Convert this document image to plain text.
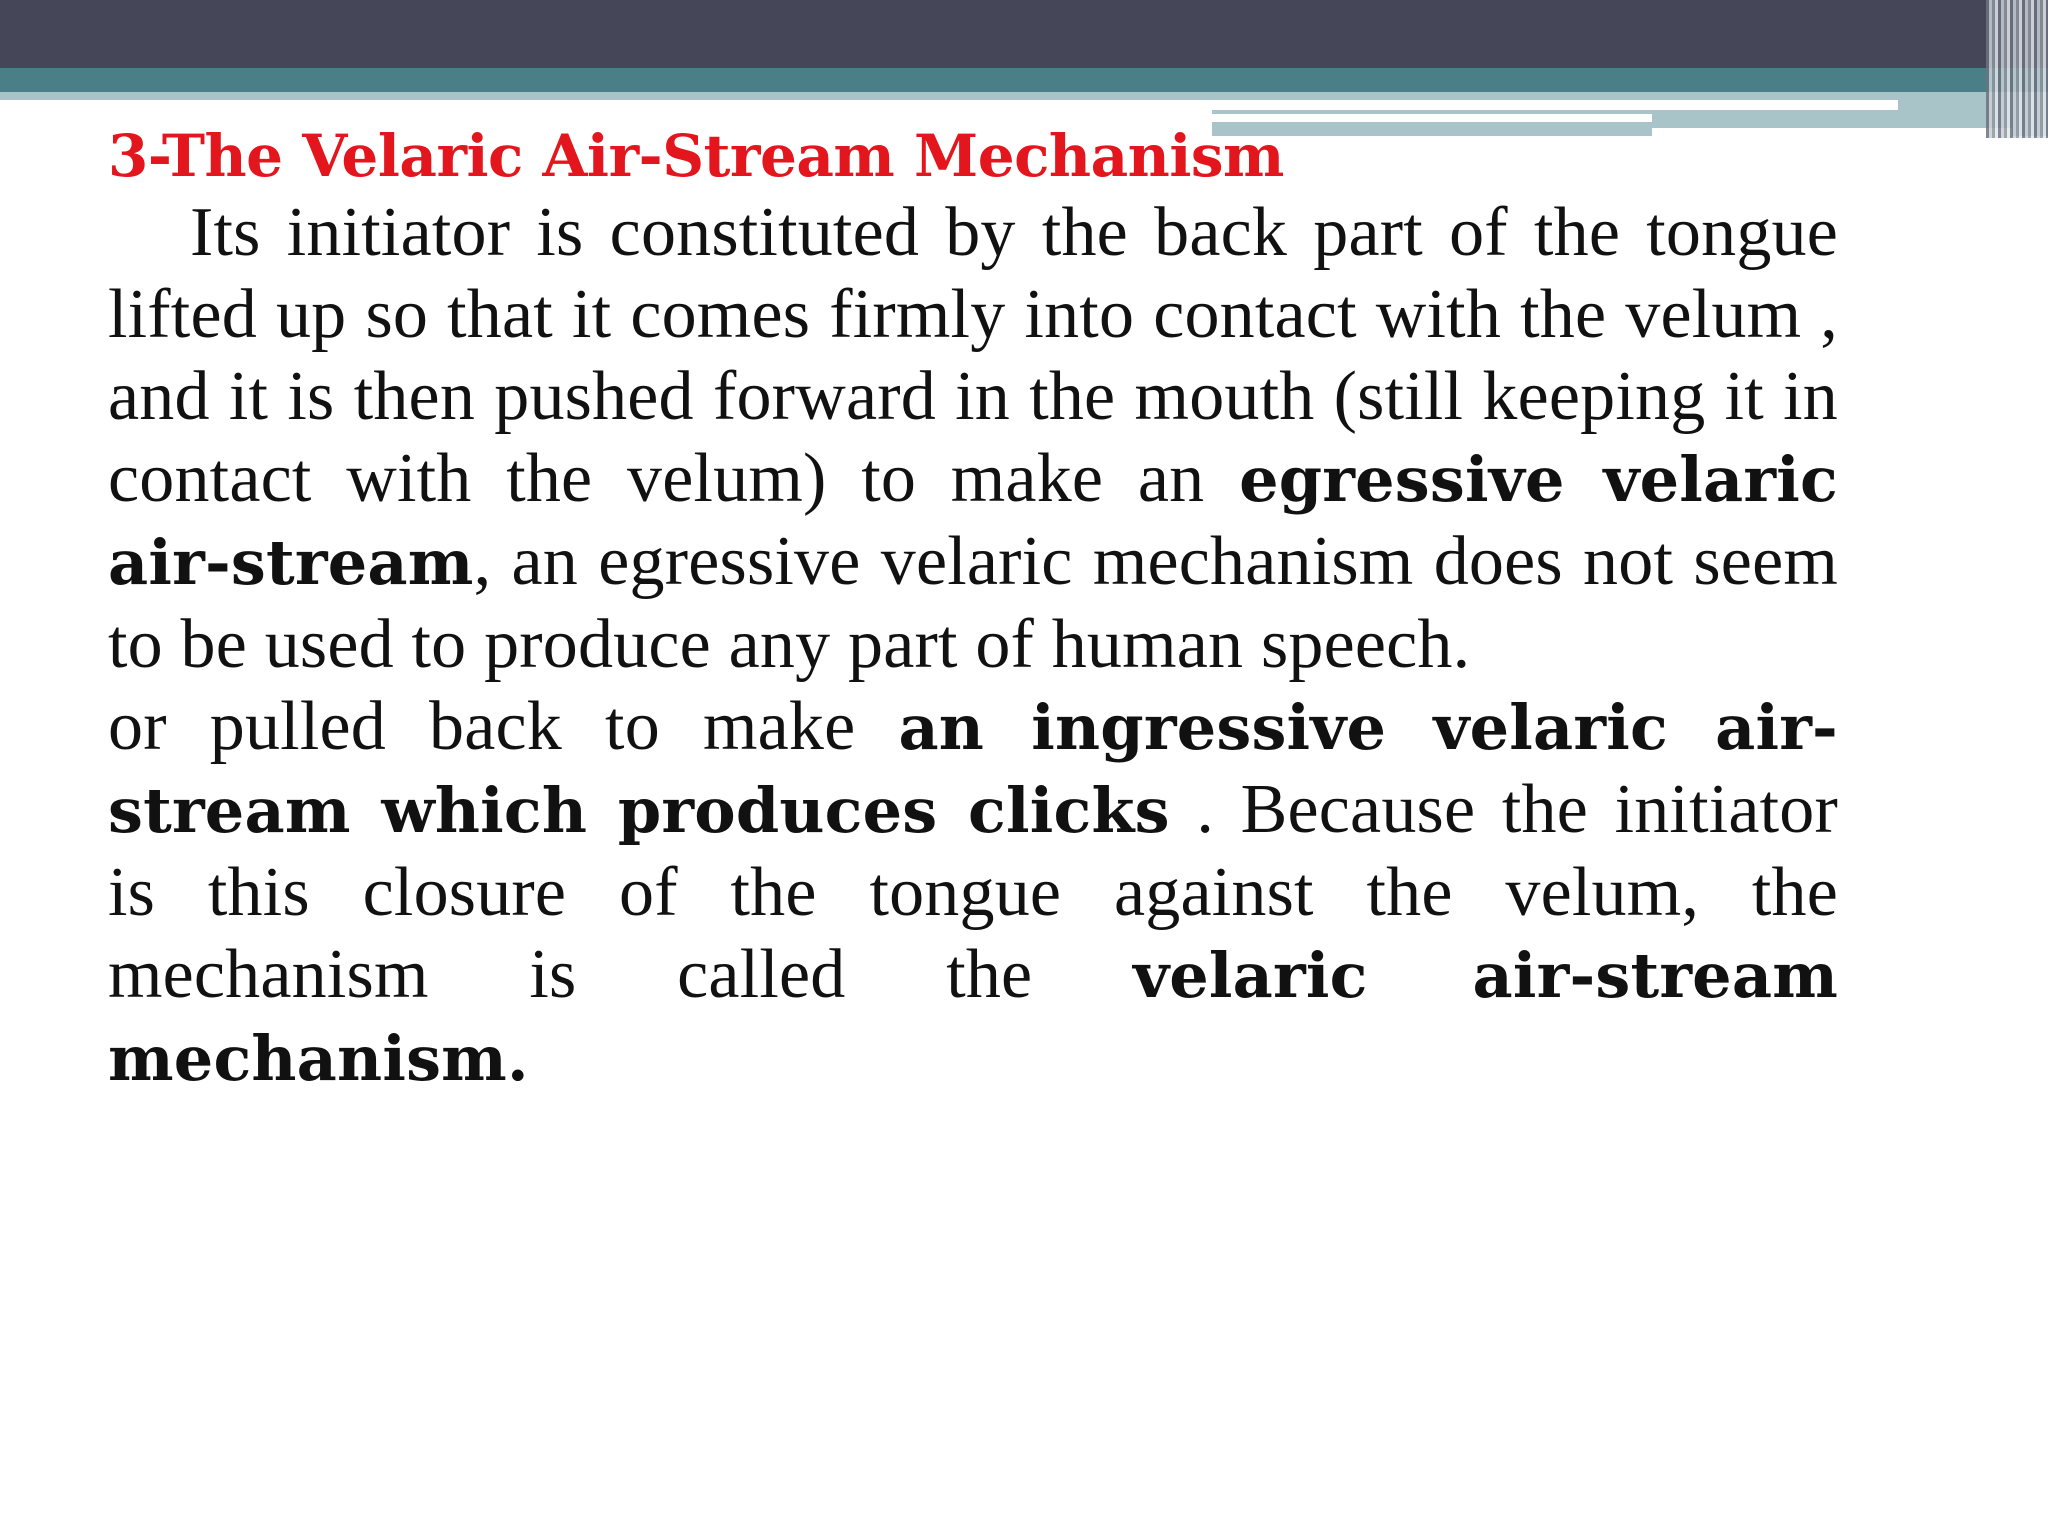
3-The Velaric Air-Stream Mechanism

Its initiator is constituted by the back part of the tongue lifted up so that it comes firmly into contact with the velum , and it is then pushed forward in the mouth (still keeping it in contact with the velum) to make an egressive velaric air-stream, an egressive velaric mechanism does not seem to be used to produce any part of human speech.

or pulled back to make an ingressive velaric air-stream which produces clicks . Because the initiator is this closure of the tongue against the velum, the mechanism is called the velaric air-stream mechanism.
